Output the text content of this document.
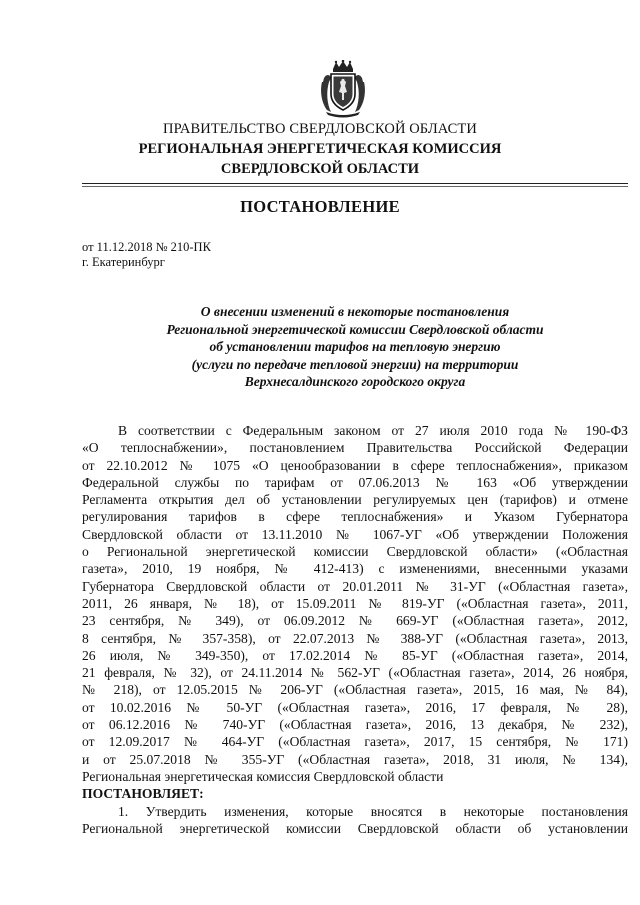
ПРАВИТЕЛЬСТВО СВЕРДЛОВСКОЙ ОБЛАСТИ
РЕГИОНАЛЬНАЯ ЭНЕРГЕТИЧЕСКАЯ КОМИССИЯ
СВЕРДЛОВСКОЙ ОБЛАСТИ
ПОСТАНОВЛЕНИЕ
от 11.12.2018 № 210-ПК
г. Екатеринбург
О внесении изменений в некоторые постановления
Региональной энергетической комиссии Свердловской области
об установлении тарифов на тепловую энергию
(услуги по передаче тепловой энергии) на территории
Верхнесалдинского городского округа
В соответствии с Федеральным законом от 27 июля 2010 года № 190-ФЗ
«О теплоснабжении», постановлением Правительства Российской Федерации
от 22.10.2012 № 1075 «О ценообразовании в сфере теплоснабжения», приказом
Федеральной службы по тарифам от 07.06.2013 № 163 «Об утверждении
Регламента открытия дел об установлении регулируемых цен (тарифов) и отмене
регулирования тарифов в сфере теплоснабжения» и Указом Губернатора
Свердловской области от 13.11.2010 № 1067-УГ «Об утверждении Положения
о Региональной энергетической комиссии Свердловской области» («Областная
газета», 2010, 19 ноября, № 412-413) с изменениями, внесенными указами
Губернатора Свердловской области от 20.01.2011 № 31-УГ («Областная газета»,
2011, 26 января, № 18), от 15.09.2011 № 819-УГ («Областная газета», 2011,
23 сентября, № 349), от 06.09.2012 № 669-УГ («Областная газета», 2012,
8 сентября, № 357-358), от 22.07.2013 № 388-УГ («Областная газета», 2013,
26 июля, № 349-350), от 17.02.2014 № 85-УГ («Областная газета», 2014,
21 февраля, № 32), от 24.11.2014 № 562-УГ («Областная газета», 2014, 26 ноября,
№ 218), от 12.05.2015 № 206-УГ («Областная газета», 2015, 16 мая, № 84),
от 10.02.2016 № 50-УГ («Областная газета», 2016, 17 февраля, № 28),
от 06.12.2016 № 740-УГ («Областная газета», 2016, 13 декабря, № 232),
от 12.09.2017 № 464-УГ («Областная газета», 2017, 15 сентября, № 171)
и от 25.07.2018 № 355-УГ («Областная газета», 2018, 31 июля, № 134),
Региональная энергетическая комиссия Свердловской области
ПОСТАНОВЛЯЕТ:
1. Утвердить изменения, которые вносятся в некоторые постановления
Региональной энергетической комиссии Свердловской области об установлении
